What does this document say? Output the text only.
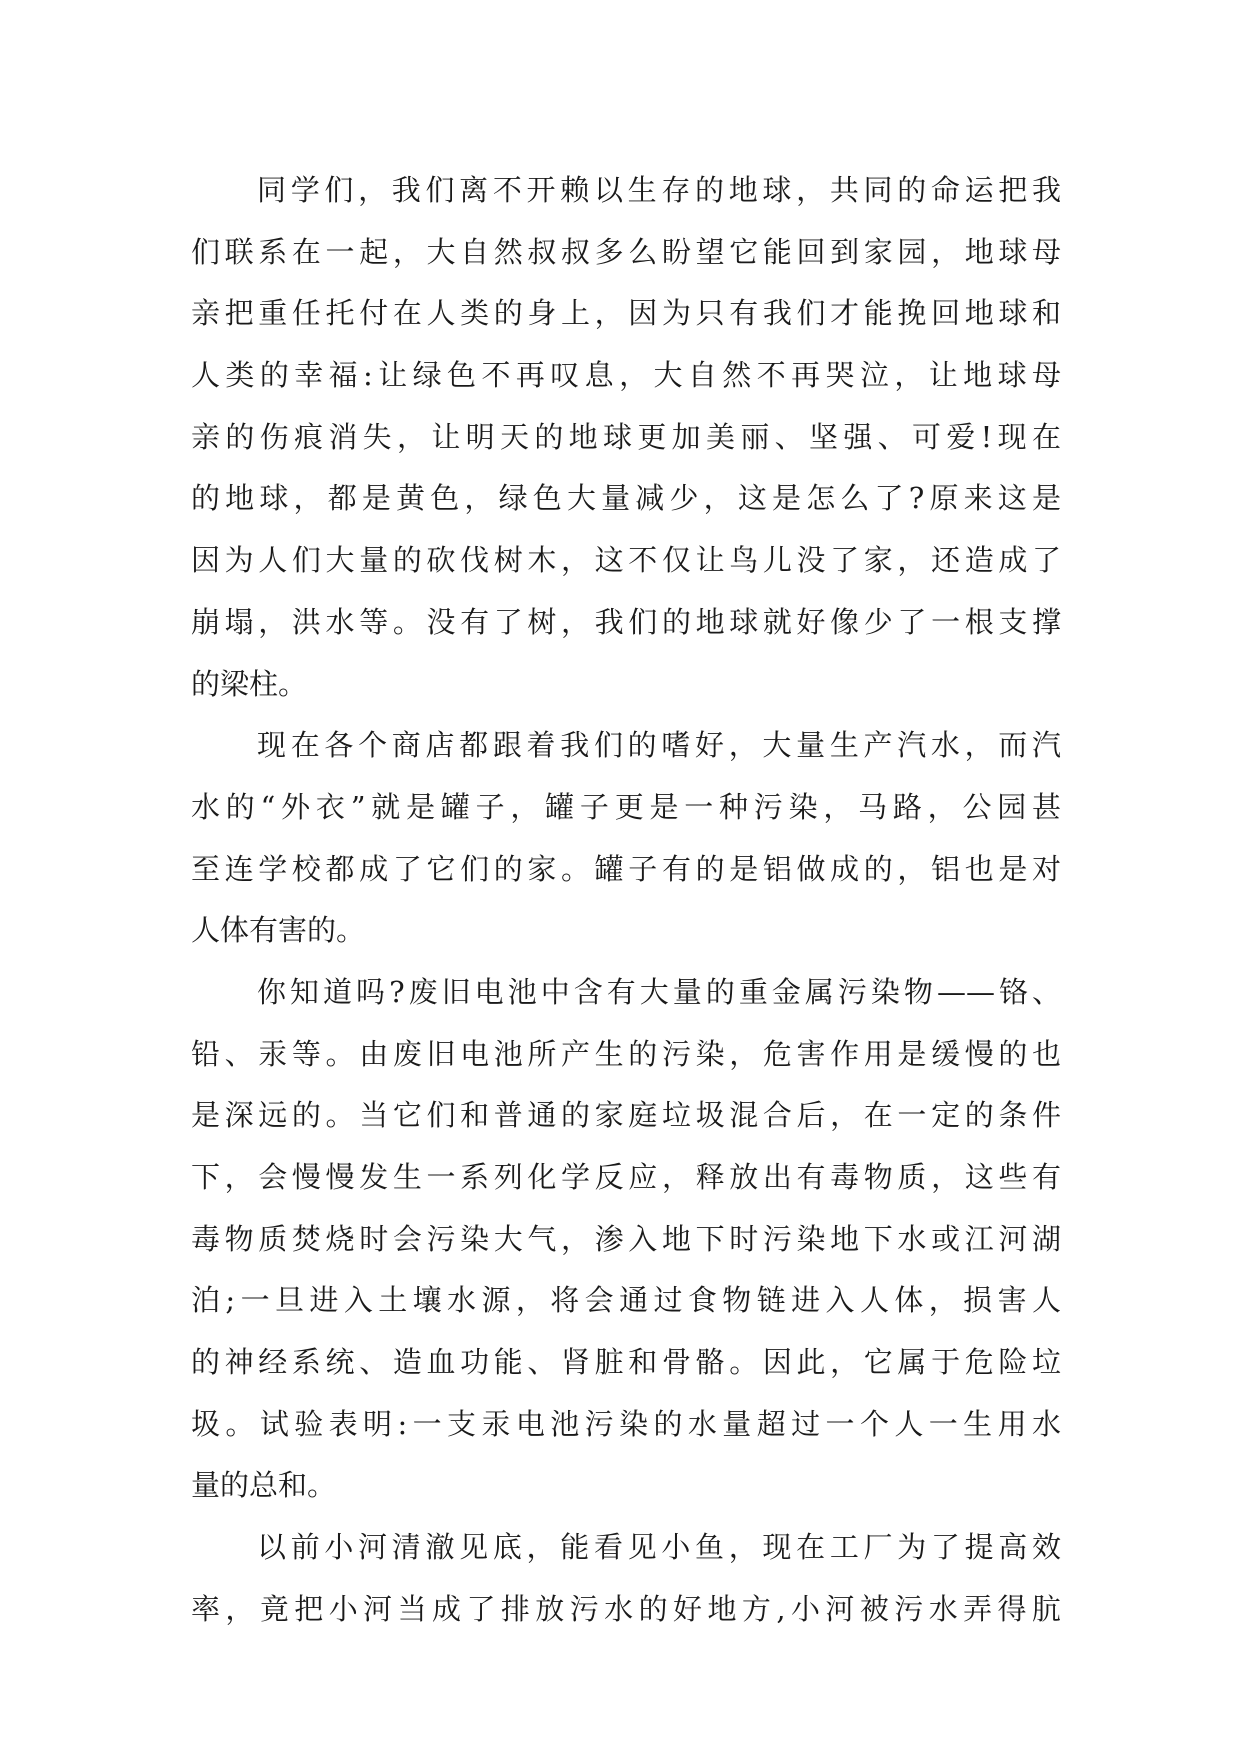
同学们，我们离不开赖以生存的地球，共同的命运把我
们联系在一起，大自然叔叔多么盼望它能回到家园，地球母
亲把重任托付在人类的身上，因为只有我们才能挽回地球和
人类的幸福:让绿色不再叹息，大自然不再哭泣，让地球母
亲的伤痕消失，让明天的地球更加美丽、坚强、可爱!现在
的地球，都是黄色，绿色大量减少，这是怎么了?原来这是
因为人们大量的砍伐树木，这不仅让鸟儿没了家，还造成了
崩塌，洪水等。没有了树，我们的地球就好像少了一根支撑
的梁柱。
现在各个商店都跟着我们的嗜好，大量生产汽水，而汽
水的“外衣”就是罐子，罐子更是一种污染，马路，公园甚
至连学校都成了它们的家。罐子有的是铝做成的，铝也是对
人体有害的。
你知道吗?废旧电池中含有大量的重金属污染物——铬、
铅、汞等。由废旧电池所产生的污染，危害作用是缓慢的也
是深远的。当它们和普通的家庭垃圾混合后，在一定的条件
下，会慢慢发生一系列化学反应，释放出有毒物质，这些有
毒物质焚烧时会污染大气，渗入地下时污染地下水或江河湖
泊;一旦进入土壤水源，将会通过食物链进入人体，损害人
的神经系统、造血功能、肾脏和骨骼。因此，它属于危险垃
圾。试验表明:一支汞电池污染的水量超过一个人一生用水
量的总和。
以前小河清澈见底，能看见小鱼，现在工厂为了提高效
率，竟把小河当成了排放污水的好地方,小河被污水弄得肮
